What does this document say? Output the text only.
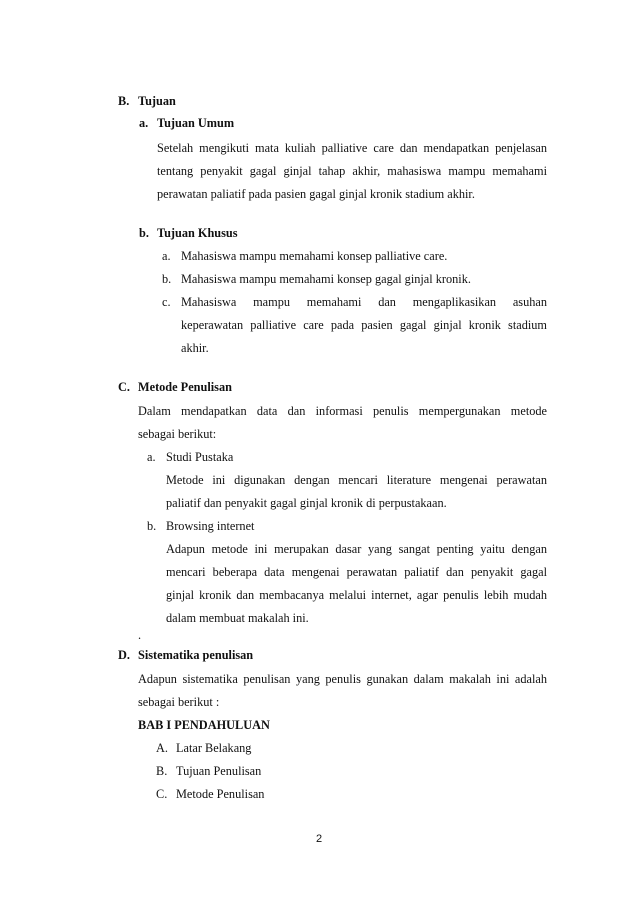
B. Tujuan
a. Tujuan Umum
Setelah mengikuti mata kuliah palliative care dan mendapatkan penjelasan
tentang penyakit gagal ginjal tahap akhir, mahasiswa mampu memahami
perawatan paliatif pada pasien gagal ginjal kronik stadium akhir.
b. Tujuan Khusus
a. Mahasiswa mampu memahami konsep palliative care.
b. Mahasiswa mampu memahami konsep gagal ginjal kronik.
c. Mahasiswa mampu memahami dan mengaplikasikan asuhan
keperawatan palliative care pada pasien gagal ginjal kronik stadium
akhir.
C. Metode Penulisan
Dalam mendapatkan data dan informasi penulis mempergunakan metode
sebagai berikut:
a. Studi Pustaka
Metode ini digunakan dengan mencari literature mengenai perawatan
paliatif dan penyakit gagal ginjal kronik di perpustakaan.
b. Browsing internet
Adapun metode ini merupakan dasar yang sangat penting yaitu dengan
mencari beberapa data mengenai perawatan paliatif dan penyakit gagal
ginjal kronik dan membacanya melalui internet, agar penulis lebih mudah
dalam membuat makalah ini.
.
D. Sistematika penulisan
Adapun sistematika penulisan yang penulis gunakan dalam makalah ini adalah
sebagai berikut :
BAB I PENDAHULUAN
A. Latar Belakang
B. Tujuan Penulisan
C. Metode Penulisan
2
